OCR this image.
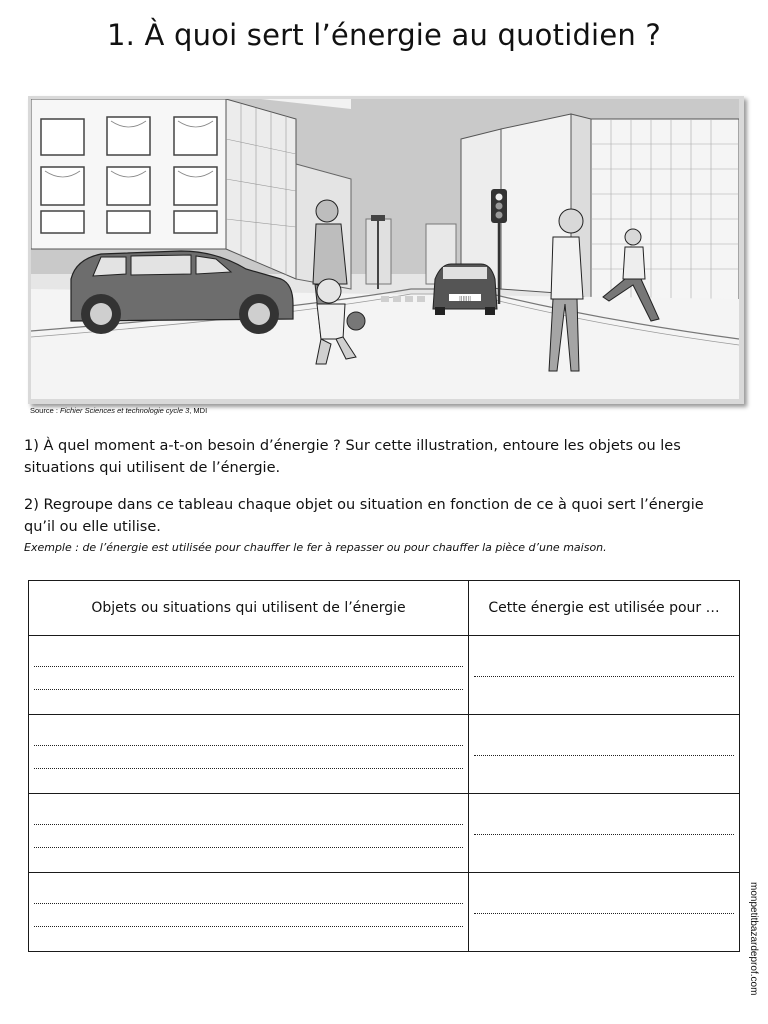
1. À quoi sert l’énergie au quotidien ?
|||||||
Source : Fichier Sciences et technologie cycle 3, MDI
1) À quel moment a-t-on besoin d’énergie ? Sur cette illustration, entoure les objets ou les situations qui utilisent de l’énergie.
2) Regroupe dans ce tableau chaque objet ou situation en fonction de ce à quoi sert l’énergie qu’il ou elle utilise.
Exemple : de l’énergie est utilisée pour chauffer le fer à repasser ou pour chauffer la pièce d’une maison.
Objets ou situations qui utilisent de l’énergie	Cette énergie est utilisée pour …

monpetitbazardeprof.com
